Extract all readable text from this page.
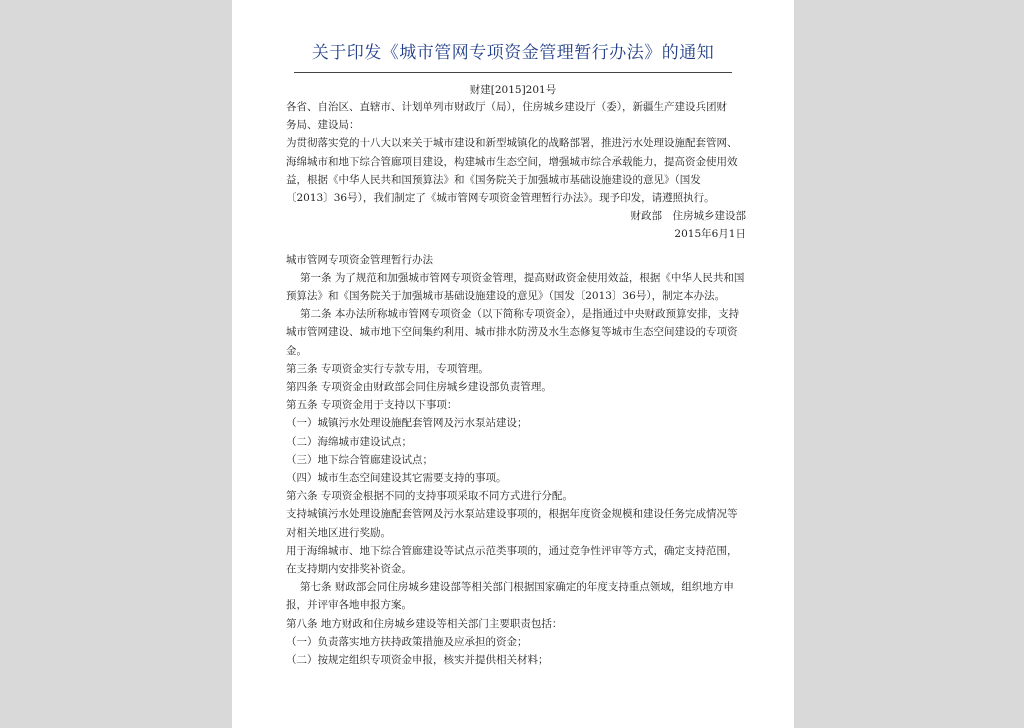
关于印发《城市管网专项资金管理暂行办法》的通知
财建[2015]201号
各省、自治区、直辖市、计划单列市财政厅（局），住房城乡建设厅（委），新疆生产建设兵团财
务局、建设局：
为贯彻落实党的十八大以来关于城市建设和新型城镇化的战略部署，推进污水处理设施配套管网、
海绵城市和地下综合管廊项目建设，构建城市生态空间，增强城市综合承载能力，提高资金使用效
益，根据《中华人民共和国预算法》和《国务院关于加强城市基础设施建设的意见》（国发
〔2013〕36号），我们制定了《城市管网专项资金管理暂行办法》。现予印发，请遵照执行。
财政部　住房城乡建设部
2015年6月1日
城市管网专项资金管理暂行办法
第一条 为了规范和加强城市管网专项资金管理，提高财政资金使用效益，根据《中华人民共和国
预算法》和《国务院关于加强城市基础设施建设的意见》（国发〔2013〕36号），制定本办法。
第二条 本办法所称城市管网专项资金（以下简称专项资金），是指通过中央财政预算安排，支持
城市管网建设、城市地下空间集约利用、城市排水防涝及水生态修复等城市生态空间建设的专项资
金。
第三条 专项资金实行专款专用，专项管理。
第四条 专项资金由财政部会同住房城乡建设部负责管理。
第五条 专项资金用于支持以下事项：
（一）城镇污水处理设施配套管网及污水泵站建设；
（二）海绵城市建设试点；
（三）地下综合管廊建设试点；
（四）城市生态空间建设其它需要支持的事项。
第六条 专项资金根据不同的支持事项采取不同方式进行分配。
支持城镇污水处理设施配套管网及污水泵站建设事项的，根据年度资金规模和建设任务完成情况等
对相关地区进行奖励。
用于海绵城市、地下综合管廊建设等试点示范类事项的，通过竞争性评审等方式，确定支持范围，
在支持期内安排奖补资金。
第七条 财政部会同住房城乡建设部等相关部门根据国家确定的年度支持重点领域，组织地方申
报，并评审各地申报方案。
第八条 地方财政和住房城乡建设等相关部门主要职责包括：
（一）负责落实地方扶持政策措施及应承担的资金；
（二）按规定组织专项资金申报，核实并提供相关材料；
